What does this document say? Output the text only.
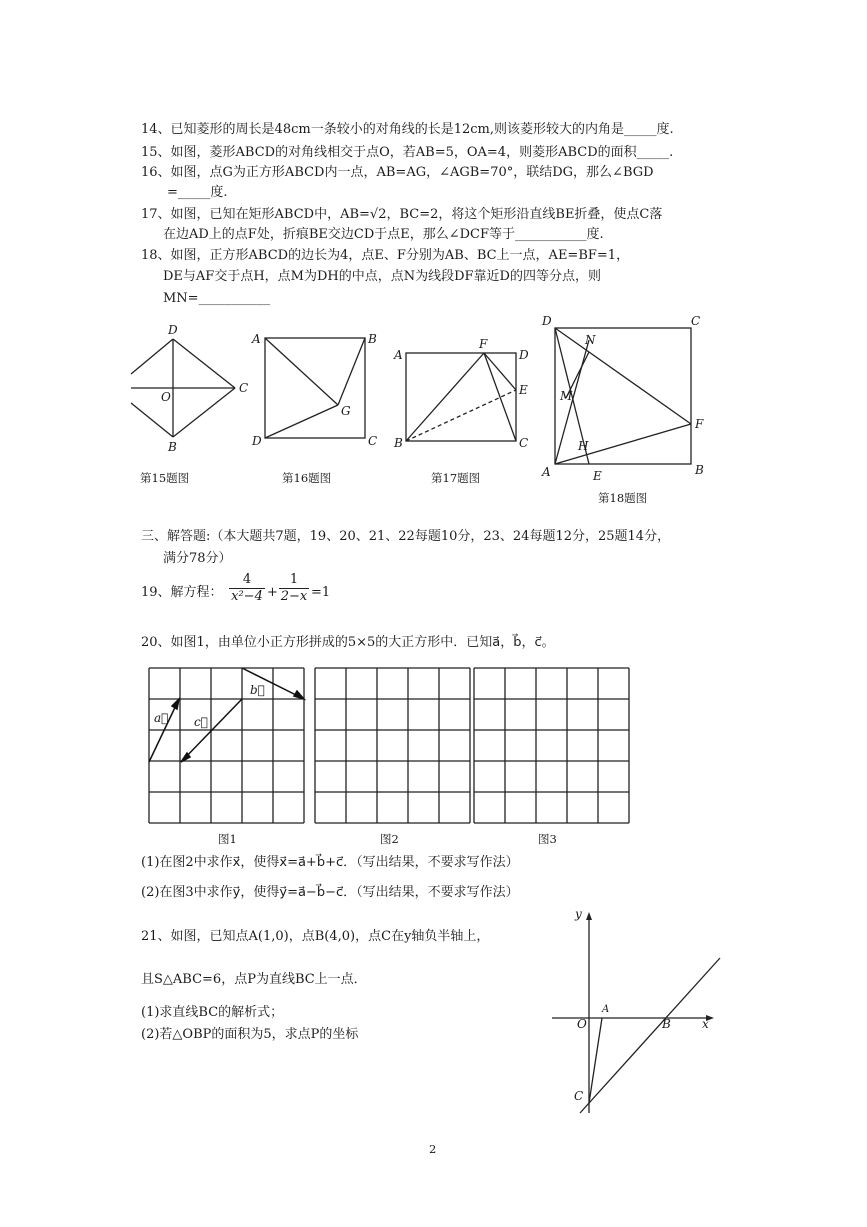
14、已知菱形的周长是48cm一条较小的对角线的长是12cm,则该菱形较大的内角是_____度.
15、如图，菱形ABCD的对角线相交于点O，若AB=5，OA=4，则菱形ABCD的面积_____.
16、如图，点G为正方形ABCD内一点，AB=AG，∠AGB=70°，联结DG，那么∠BGD
=_____度.
17、如图，已知在矩形ABCD中，AB=√2，BC=2，将这个矩形沿直线BE折叠，使点C落
在边AD上的点F处，折痕BE交边CD于点E，那么∠DCF等于___________度.
18、如图，正方形ABCD的边长为4，点E、F分别为AB、BC上一点，AE=BF=1，
DE与AF交于点H，点M为DH的中点，点N为线段DF靠近D的四等分点，则
MN=___________
D
O
C
B
A	B
G
D	C
A
F
D
E
B	C
D
N
C
M
F
H
A	E	B
第15题图	第16题图	第17题图
第18题图
三、解答题:（本大题共7题，19、20、21、22每题10分，23、24每题12分，25题14分，
满分78分）
19、解方程：
4
x²−4 +
1
2−x =1
20、如图1，由单位小正方形拼成的5×5的大正方形中．已知a⃗，b⃗，c⃗。
a⃗ c⃗
b⃗
图1	图2	图3
(1)在图2中求作x⃗，使得x⃗=a⃗+b⃗+c⃗．（写出结果，不要求写作法）
(2)在图3中求作y⃗，使得y⃗=a⃗−b⃗−c⃗．（写出结果，不要求写作法）
21、如图，已知点A(1,0)，点B(4,0)，点C在y轴负半轴上，
且S△ABC=6，点P为直线BC上一点．
(1)求直线BC的解析式；
(2)若△OBP的面积为5，求点P的坐标
y
A
O	B	x
C
2
